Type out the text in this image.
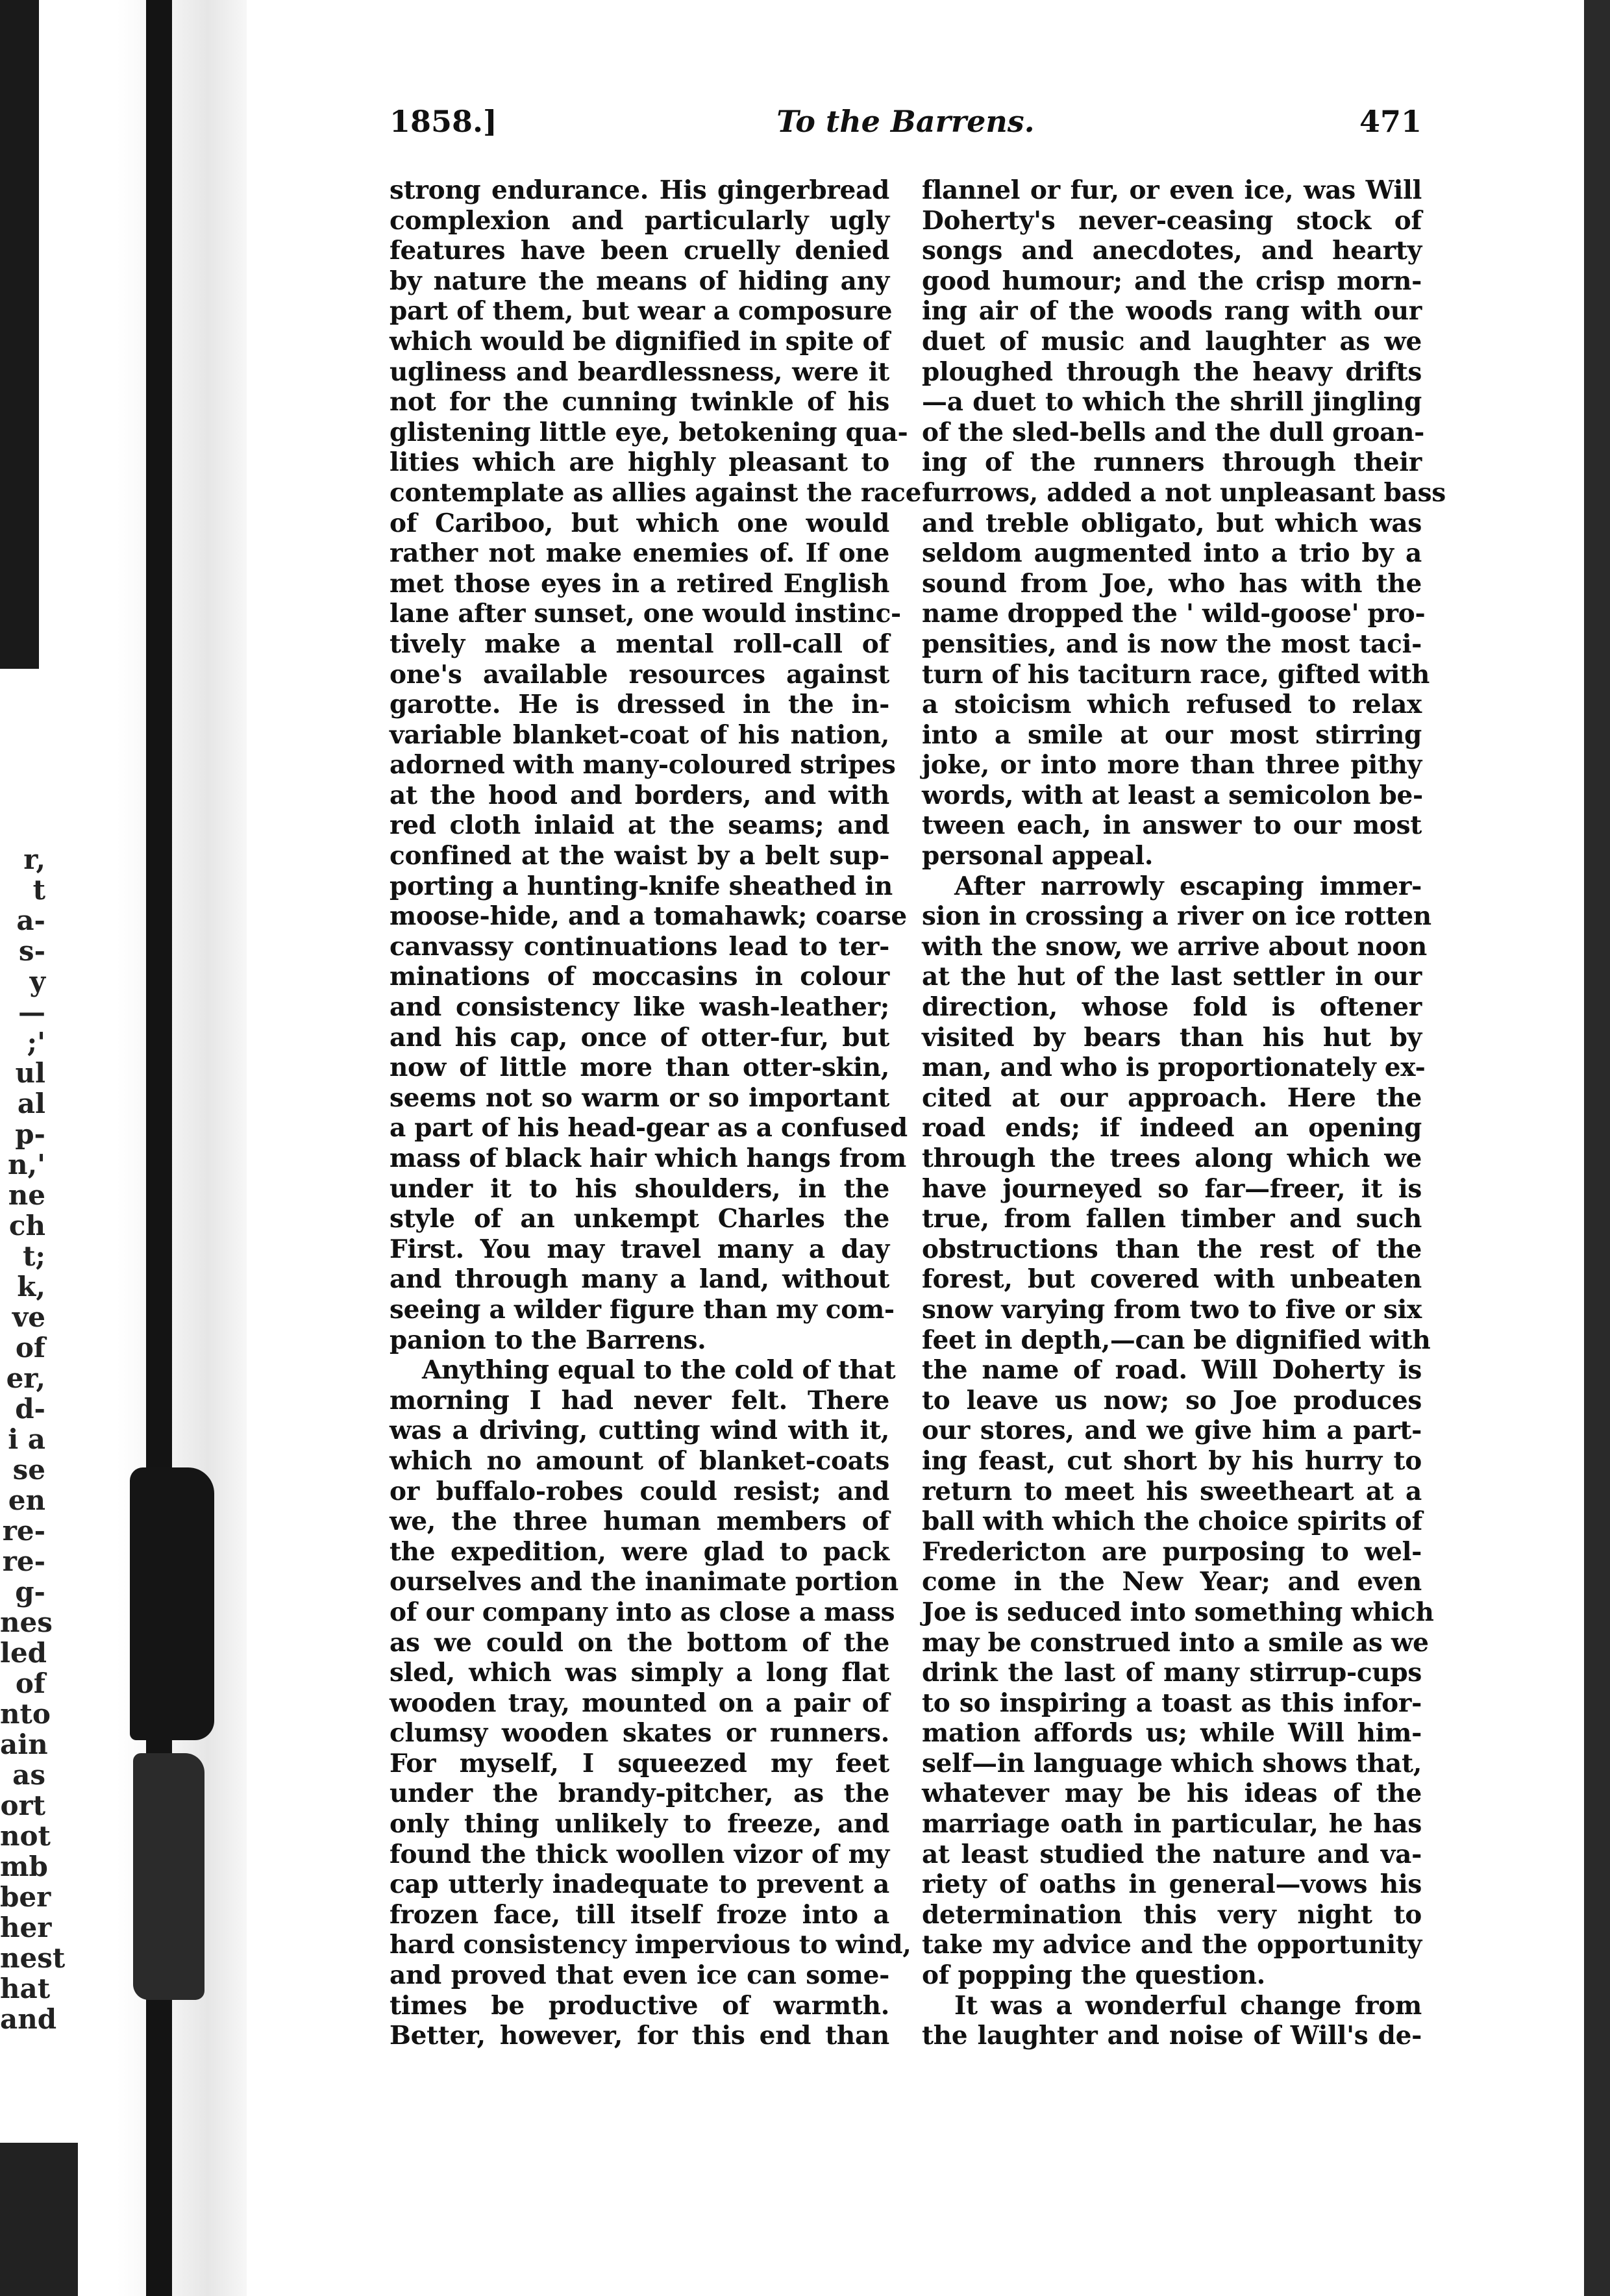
r,
t
a-
s-
y
—
;'
ul
al
p-
n,'
ne
ch
t;
k,
ve
of
er,
d-
i a
se
en
re-
re-
g-
nes
led
of
nto
ain
as
ort
not
mb
ber
her
nest
hat
and
1858.]	To the Barrens.	471
strong endurance. His gingerbread
complexion and particularly ugly
features have been cruelly denied
by nature the means of hiding any
part of them, but wear a composure
which would be dignified in spite of
ugliness and beardlessness, were it
not for the cunning twinkle of his
glistening little eye, betokening qua-
lities which are highly pleasant to
contemplate as allies against the race
of Cariboo, but which one would
rather not make enemies of. If one
met those eyes in a retired English
lane after sunset, one would instinc-
tively make a mental roll-call of
one's available resources against
garotte. He is dressed in the in-
variable blanket-coat of his nation,
adorned with many-coloured stripes
at the hood and borders, and with
red cloth inlaid at the seams; and
confined at the waist by a belt sup-
porting a hunting-knife sheathed in
moose-hide, and a tomahawk; coarse
canvassy continuations lead to ter-
minations of moccasins in colour
and consistency like wash-leather;
and his cap, once of otter-fur, but
now of little more than otter-skin,
seems not so warm or so important
a part of his head-gear as a confused
mass of black hair which hangs from
under it to his shoulders, in the
style of an unkempt Charles the
First. You may travel many a day
and through many a land, without
seeing a wilder figure than my com-
panion to the Barrens.
Anything equal to the cold of that
morning I had never felt. There
was a driving, cutting wind with it,
which no amount of blanket-coats
or buffalo-robes could resist; and
we, the three human members of
the expedition, were glad to pack
ourselves and the inanimate portion
of our company into as close a mass
as we could on the bottom of the
sled, which was simply a long flat
wooden tray, mounted on a pair of
clumsy wooden skates or runners.
For myself, I squeezed my feet
under the brandy-pitcher, as the
only thing unlikely to freeze, and
found the thick woollen vizor of my
cap utterly inadequate to prevent a
frozen face, till itself froze into a
hard consistency impervious to wind,
and proved that even ice can some-
times be productive of warmth.
Better, however, for this end than
flannel or fur, or even ice, was Will
Doherty's never-ceasing stock of
songs and anecdotes, and hearty
good humour; and the crisp morn-
ing air of the woods rang with our
duet of music and laughter as we
ploughed through the heavy drifts
—a duet to which the shrill jingling
of the sled-bells and the dull groan-
ing of the runners through their
furrows, added a not unpleasant bass
and treble obligato, but which was
seldom augmented into a trio by a
sound from Joe, who has with the
name dropped the ' wild-goose' pro-
pensities, and is now the most taci-
turn of his taciturn race, gifted with
a stoicism which refused to relax
into a smile at our most stirring
joke, or into more than three pithy
words, with at least a semicolon be-
tween each, in answer to our most
personal appeal.
After narrowly escaping immer-
sion in crossing a river on ice rotten
with the snow, we arrive about noon
at the hut of the last settler in our
direction, whose fold is oftener
visited by bears than his hut by
man, and who is proportionately ex-
cited at our approach. Here the
road ends; if indeed an opening
through the trees along which we
have journeyed so far—freer, it is
true, from fallen timber and such
obstructions than the rest of the
forest, but covered with unbeaten
snow varying from two to five or six
feet in depth,—can be dignified with
the name of road. Will Doherty is
to leave us now; so Joe produces
our stores, and we give him a part-
ing feast, cut short by his hurry to
return to meet his sweetheart at a
ball with which the choice spirits of
Fredericton are purposing to wel-
come in the New Year; and even
Joe is seduced into something which
may be construed into a smile as we
drink the last of many stirrup-cups
to so inspiring a toast as this infor-
mation affords us; while Will him-
self—in language which shows that,
whatever may be his ideas of the
marriage oath in particular, he has
at least studied the nature and va-
riety of oaths in general—vows his
determination this very night to
take my advice and the opportunity
of popping the question.
It was a wonderful change from
the laughter and noise of Will's de-
